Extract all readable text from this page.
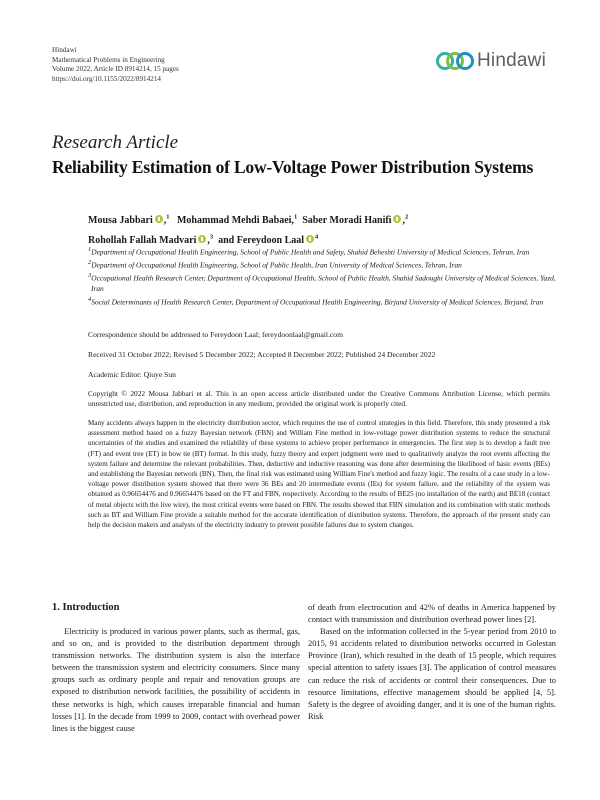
Hindawi
Mathematical Problems in Engineering
Volume 2022, Article ID 8914214, 15 pages
https://doi.org/10.1155/2022/8914214
Hindawi
Research Article
Reliability Estimation of Low-Voltage Power Distribution Systems
Mousa Jabbari ,$^1$ Mohammad Mehdi Babaei,$^1$ Saber Moradi Hanifi ,$^2$
Rohollah Fallah Madvari ,$^3$ and Fereydoon Laal $^4$
$^1$Department of Occupational Health Engineering, School of Public Health and Safety, Shahid Beheshti University of Medical Sciences, Tehran, Iran
$^2$Department of Occupational Health Engineering, School of Public Health, Iran University of Medical Sciences, Tehran, Iran
$^3$Occupational Health Research Center, Department of Occupational Health, School of Public Health, Shahid Sadoughi University of Medical Sciences, Yazd, Iran
$^4$Social Determinants of Health Research Center, Department of Occupational Health Engineering, Birjand University of Medical Sciences, Birjand, Iran
Correspondence should be addressed to Fereydoon Laal; fereydoonlaal@gmail.com
Received 31 October 2022; Revised 5 December 2022; Accepted 8 December 2022; Published 24 December 2022
Academic Editor: Qiuye Sun
Copyright © 2022 Mousa Jabbari et al. This is an open access article distributed under the Creative Commons Attribution License, which permits unrestricted use, distribution, and reproduction in any medium, provided the original work is properly cited.
Many accidents always happen in the electricity distribution sector, which requires the use of control strategies in this field. Therefore, this study presented a risk assessment method based on a fuzzy Bayesian network (FBN) and William Fine method in low-voltage power distribution systems to reduce the structural uncertainties of the studies and examined the reliability of these systems to achieve proper performance in emergencies. The first step is to develop a fault tree (FT) and event tree (ET) in bow tie (BT) format. In this study, fuzzy theory and expert judgment were used to qualitatively analyze the root events affecting the system failure and determine the relevant probabilities. Then, deductive and inductive reasoning was done after determining the likelihood of basic events (BEs) and establishing the Bayesian network (BN). Then, the final risk was estimated using William Fine's method and fuzzy logic. The results of a case study in a low-voltage power distribution system showed that there were 36 BEs and 20 intermediate events (IEs) for system failure, and the reliability of the system was obtained as 0.96654476 and 0.96654476 based on the FT and FBN, respectively. According to the results of BE25 (no installation of the earth) and BE18 (contact of metal objects with the live wire), the most critical events were based on FBN. The results showed that FBN simulation and its combination with static methods such as BT and William Fine provide a suitable method for the accurate identification of distribution systems. Therefore, the approach of the present study can help the decision makers and analysts of the electricity industry to prevent possible failures due to system changes.
1. Introduction

Electricity is produced in various power plants, such as thermal, gas, and so on, and is provided to the distribution department through transmission networks. The distribution system is also the interface between the transmission system and electricity consumers. Since many groups such as ordinary people and repair and renovation groups are exposed to distribution network facilities, the possibility of accidents in these networks is high, which causes irreparable financial and human losses [1]. In the decade from 1999 to 2009, contact with overhead power lines is the biggest cause

of death from electrocution and 42% of deaths in America happened by contact with transmission and distribution overhead power lines [2].

Based on the information collected in the 5-year period from 2010 to 2015, 91 accidents related to distribution networks occurred in Golestan Province (Iran), which resulted in the death of 15 people, which requires special attention to safety issues [3]. The application of control measures can reduce the risk of accidents or control their consequences. Due to resource limitations, effective management should be applied [4, 5]. Safety is the degree of avoiding danger, and it is one of the human rights. Risk
